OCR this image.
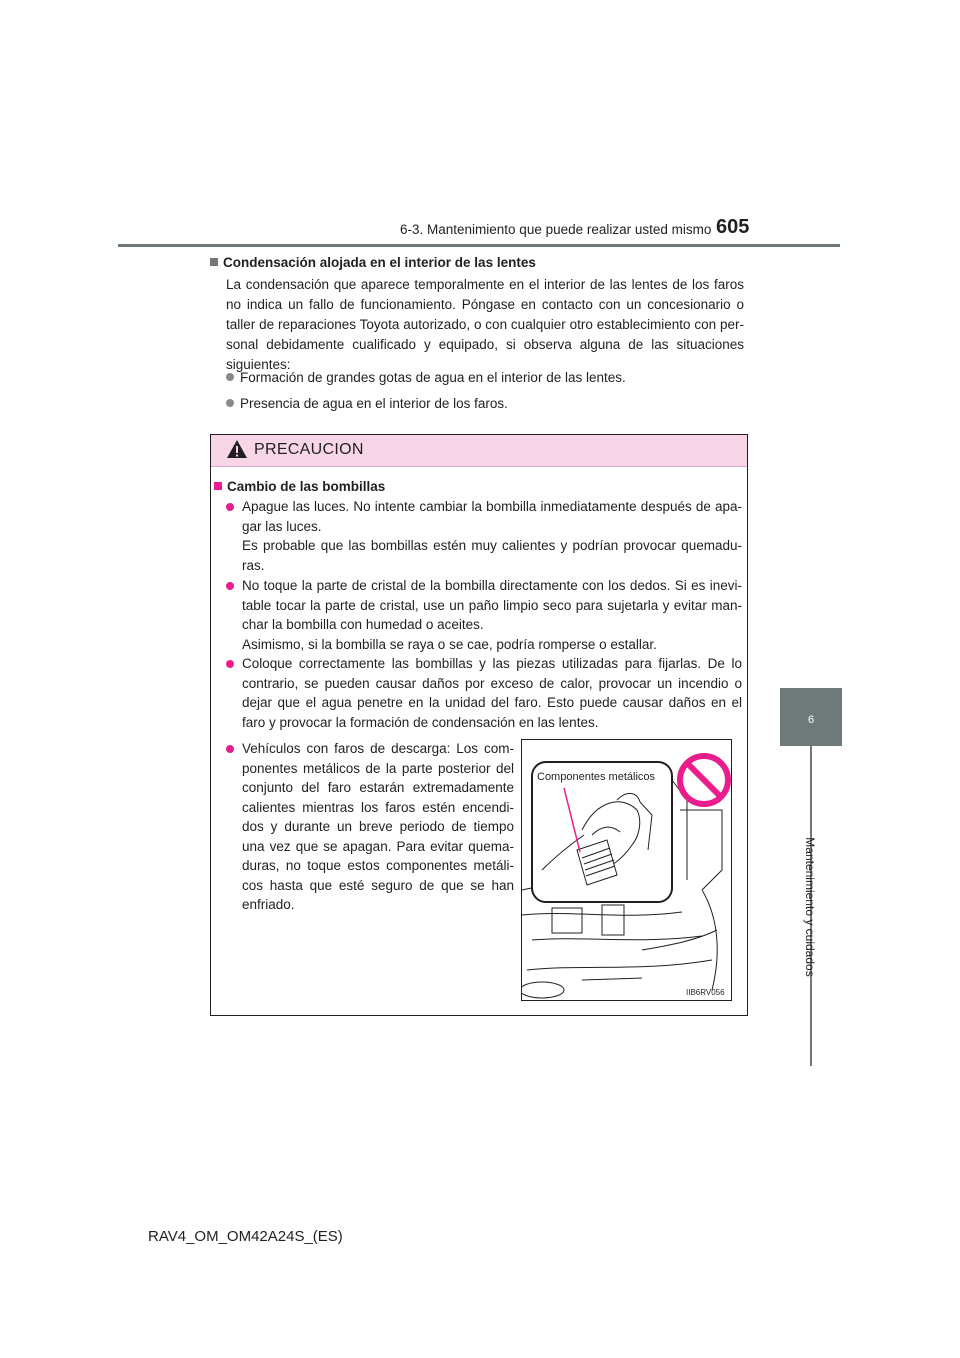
6-3. Mantenimiento que puede realizar usted mismo 605
6
Mantenimiento y cuidados
Condensación alojada en el interior de las lentes
La condensación que aparece temporalmente en el interior de las lentes de los faros no indica un fallo de funcionamiento. Póngase en contacto con un concesionario o taller de reparaciones Toyota autorizado, o con cualquier otro establecimiento con per-sonal debidamente cualificado y equipado, si observa alguna de las situaciones siguientes:
Formación de grandes gotas de agua en el interior de las lentes.
Presencia de agua en el interior de los faros.
PRECAUCION
Cambio de las bombillas
Apague las luces. No intente cambiar la bombilla inmediatamente después de apa-gar las luces.
Es probable que las bombillas estén muy calientes y podrían provocar quemadu-ras.
No toque la parte de cristal de la bombilla directamente con los dedos. Si es inevi-table tocar la parte de cristal, use un paño limpio seco para sujetarla y evitar man-char la bombilla con humedad o aceites.
Asimismo, si la bombilla se raya o se cae, podría romperse o estallar.
Coloque correctamente las bombillas y las piezas utilizadas para fijarlas. De lo contrario, se pueden causar daños por exceso de calor, provocar un incendio o dejar que el agua penetre en la unidad del faro. Esto puede causar daños en el faro y provocar la formación de condensación en las lentes.
Vehículos con faros de descarga: Los com-ponentes metálicos de la parte posterior del conjunto del faro estarán extremadamente calientes mientras los faros estén encendi-dos y durante un breve periodo de tiempo una vez que se apagan. Para evitar quema-duras, no toque estos componentes metáli-cos hasta que esté seguro de que se han enfriado.
Componentes metálicos
IIB6RV056
RAV4_OM_OM42A24S_(ES)
